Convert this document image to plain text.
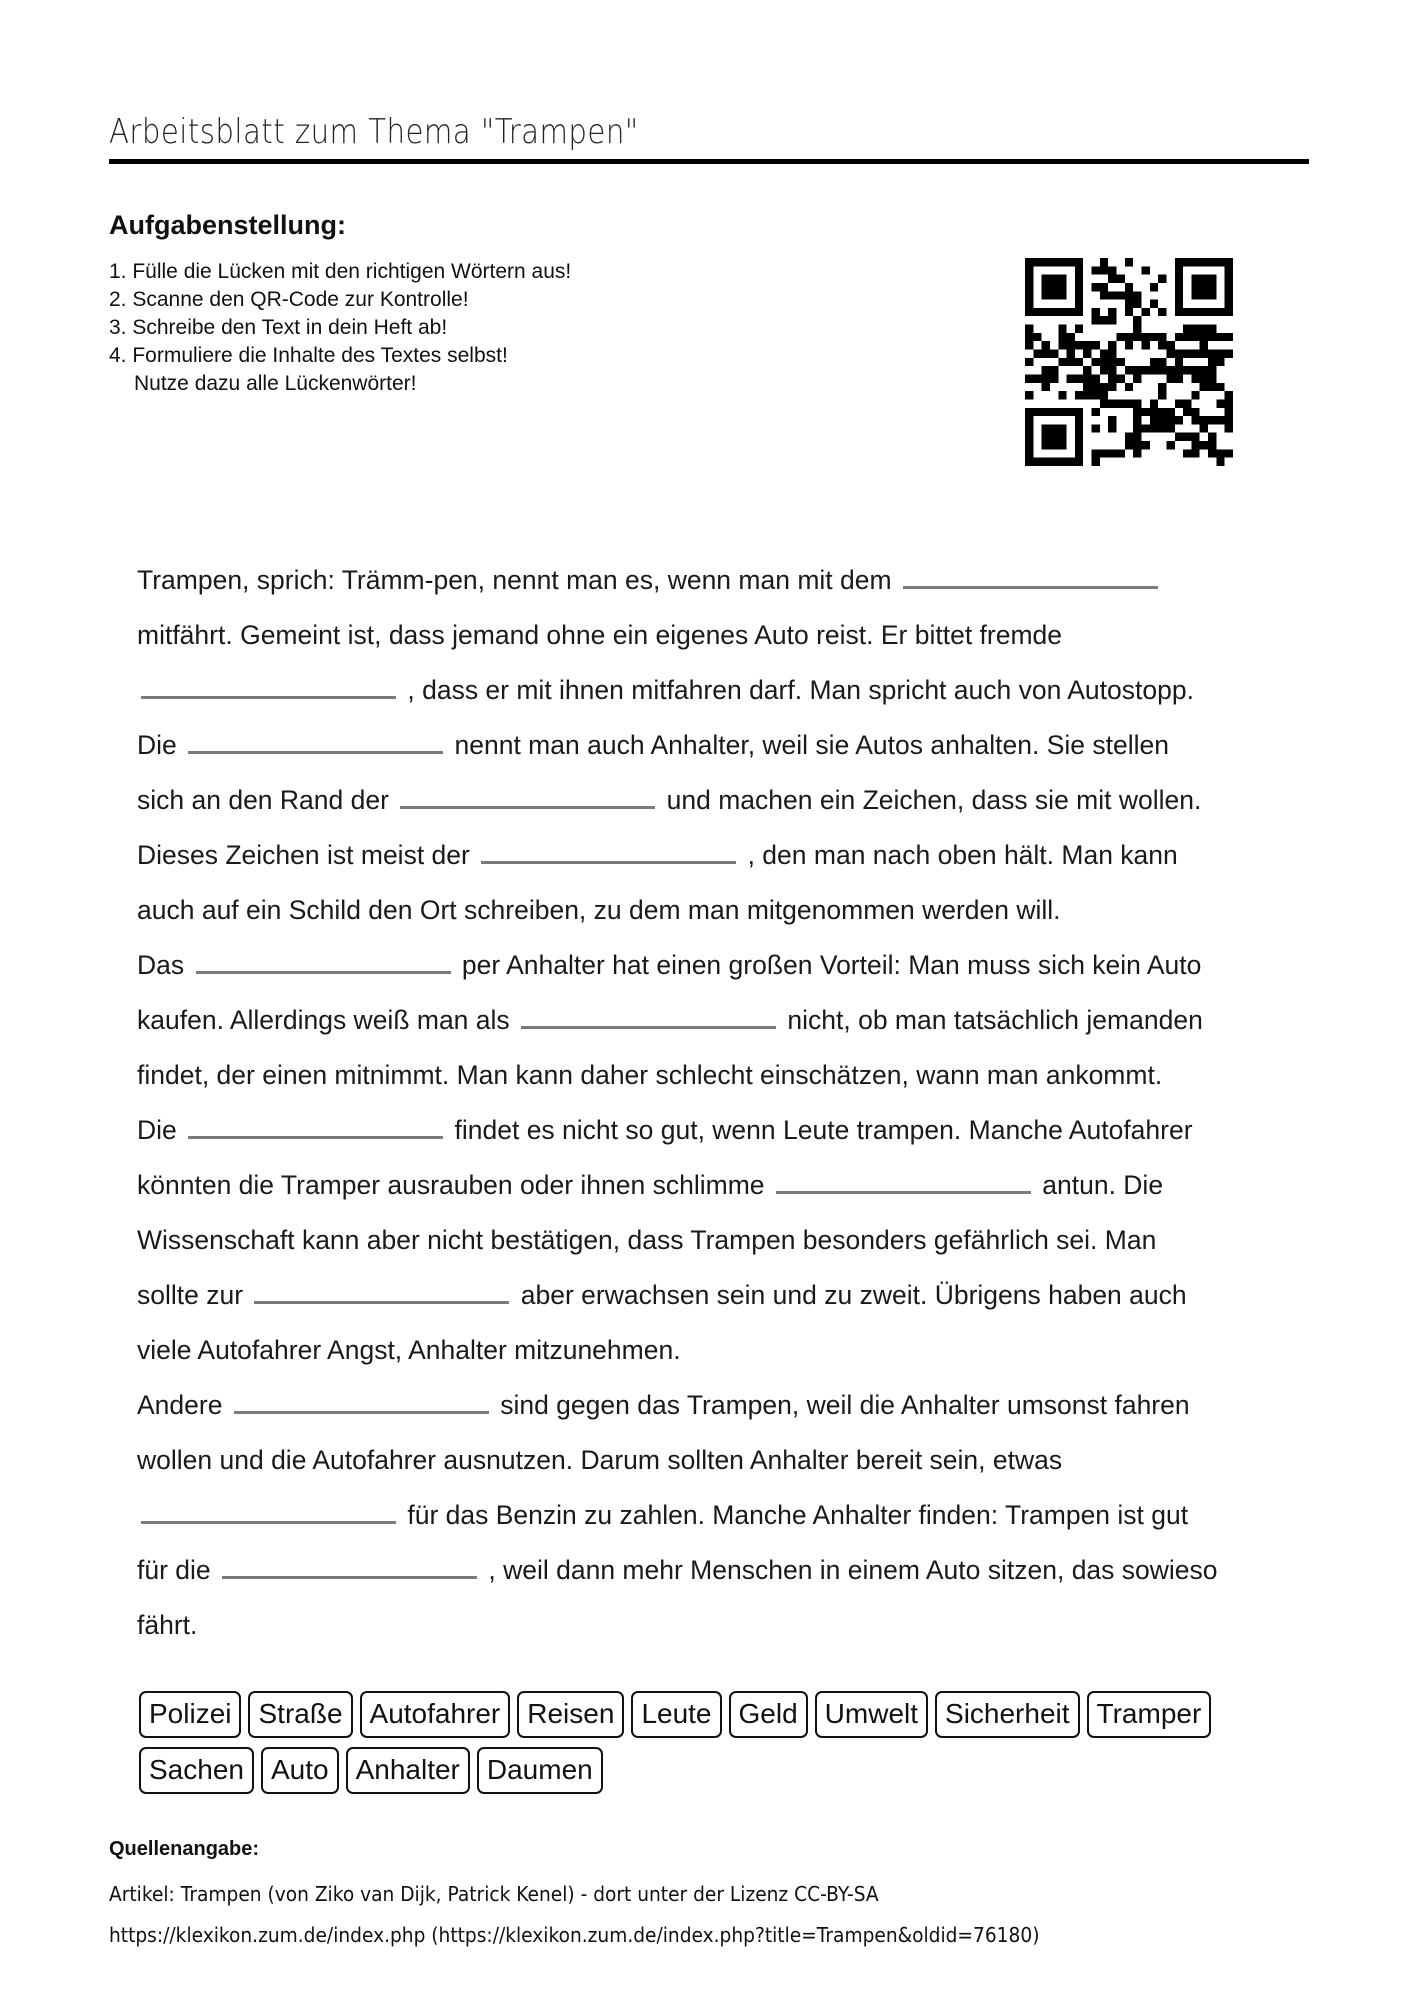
Arbeitsblatt zum Thema "Trampen"
Aufgabenstellung:
1. Fülle die Lücken mit den richtigen Wörtern aus!
2. Scanne den QR-Code zur Kontrolle!
3. Schreibe den Text in dein Heft ab!
4. Formuliere die Inhalte des Textes selbst!
Nutze dazu alle Lückenwörter!

Trampen, sprich: Trämm-pen, nennt man es, wenn man mit dem

mitfährt. Gemeint ist, dass jemand ohne ein eigenes Auto reist. Er bittet fremde

, dass er mit ihnen mitfahren darf. Man spricht auch von Autostopp.

Die	nennt man auch Anhalter, weil sie Autos anhalten. Sie stellen

sich an den Rand der	und machen ein Zeichen, dass sie mit wollen.

Dieses Zeichen ist meist der	, den man nach oben hält. Man kann

auch auf ein Schild den Ort schreiben, zu dem man mitgenommen werden will.

Das	per Anhalter hat einen großen Vorteil: Man muss sich kein Auto

kaufen. Allerdings weiß man als	nicht, ob man tatsächlich jemanden

findet, der einen mitnimmt. Man kann daher schlecht einschätzen, wann man ankommt.

Die	findet es nicht so gut, wenn Leute trampen. Manche Autofahrer

könnten die Tramper ausrauben oder ihnen schlimme	antun. Die

Wissenschaft kann aber nicht bestätigen, dass Trampen besonders gefährlich sei. Man

sollte zur	aber erwachsen sein und zu zweit. Übrigens haben auch

viele Autofahrer Angst, Anhalter mitzunehmen.

Andere	sind gegen das Trampen, weil die Anhalter umsonst fahren

wollen und die Autofahrer ausnutzen. Darum sollten Anhalter bereit sein, etwas

für das Benzin zu zahlen. Manche Anhalter finden: Trampen ist gut

für die	, weil dann mehr Menschen in einem Auto sitzen, das sowieso

fährt.

Polizei Straße Autofahrer Reisen Leute Geld Umwelt Sicherheit Tramper
Sachen Auto Anhalter Daumen
Quellenangabe:
Artikel: Trampen (von Ziko van Dijk, Patrick Kenel) - dort unter der Lizenz CC-BY-SA
https://klexikon.zum.de/index.php (https://klexikon.zum.de/index.php?title=Trampen&oldid=76180)
